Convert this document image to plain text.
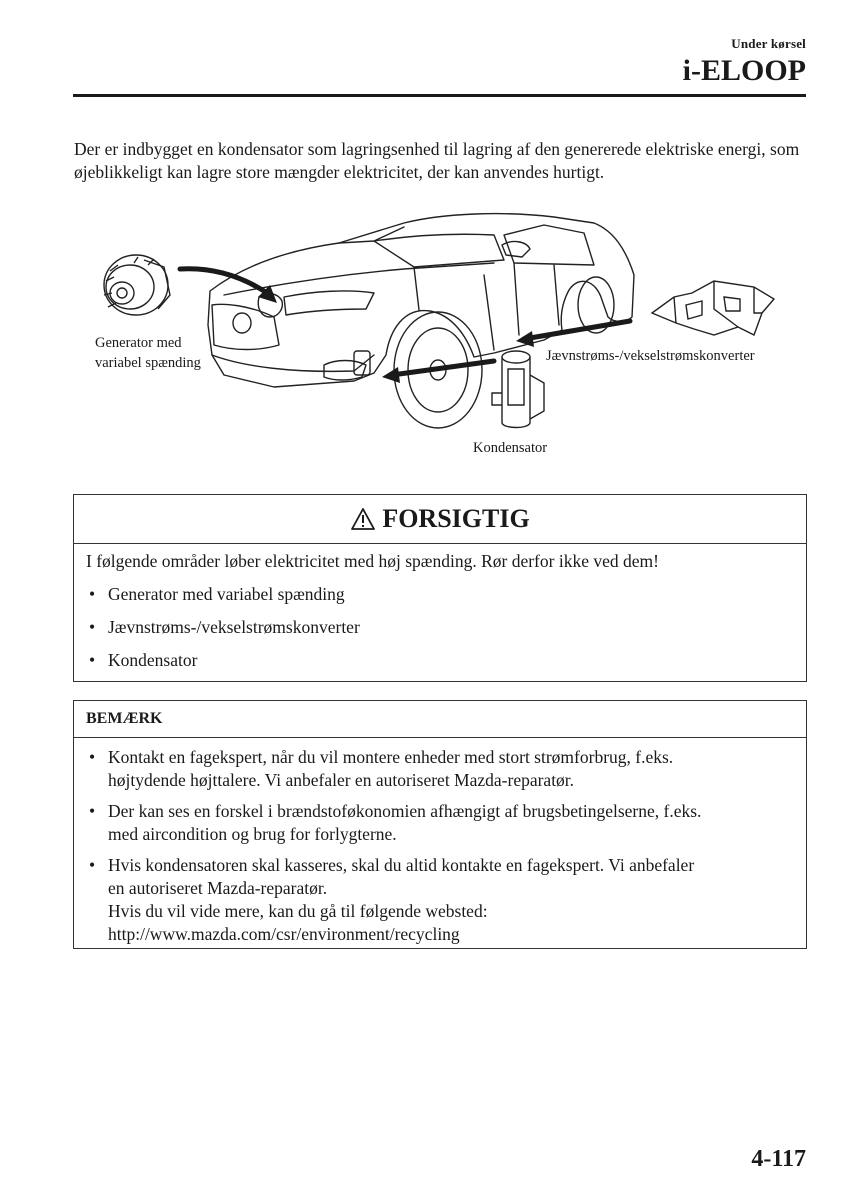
Under kørsel
i-ELOOP
Der er indbygget en kondensator som lagringsenhed til lagring af den genererede elektriske energi, som øjeblikkeligt kan lagre store mængder elektricitet, der kan anvendes hurtigt.
Generator med variabel spænding	Jævnstrøms-/vekselstrømskonverter
Kondensator
FORSIGTIG
I følgende områder løber elektricitet med høj spænding. Rør derfor ikke ved dem!
• Generator med variabel spænding
• Jævnstrøms-/vekselstrømskonverter
• Kondensator
BEMÆRK
• Kontakt en fagekspert, når du vil montere enheder med stort strømforbrug, f.eks.
højtydende højttalere. Vi anbefaler en autoriseret Mazda-reparatør.
• Der kan ses en forskel i brændstoføkonomien afhængigt af brugsbetingelserne, f.eks.
med aircondition og brug for forlygterne.
• Hvis kondensatoren skal kasseres, skal du altid kontakte en fagekspert. Vi anbefaler
en autoriseret Mazda-reparatør.
Hvis du vil vide mere, kan du gå til følgende websted:
http://www.mazda.com/csr/environment/recycling
4-117
